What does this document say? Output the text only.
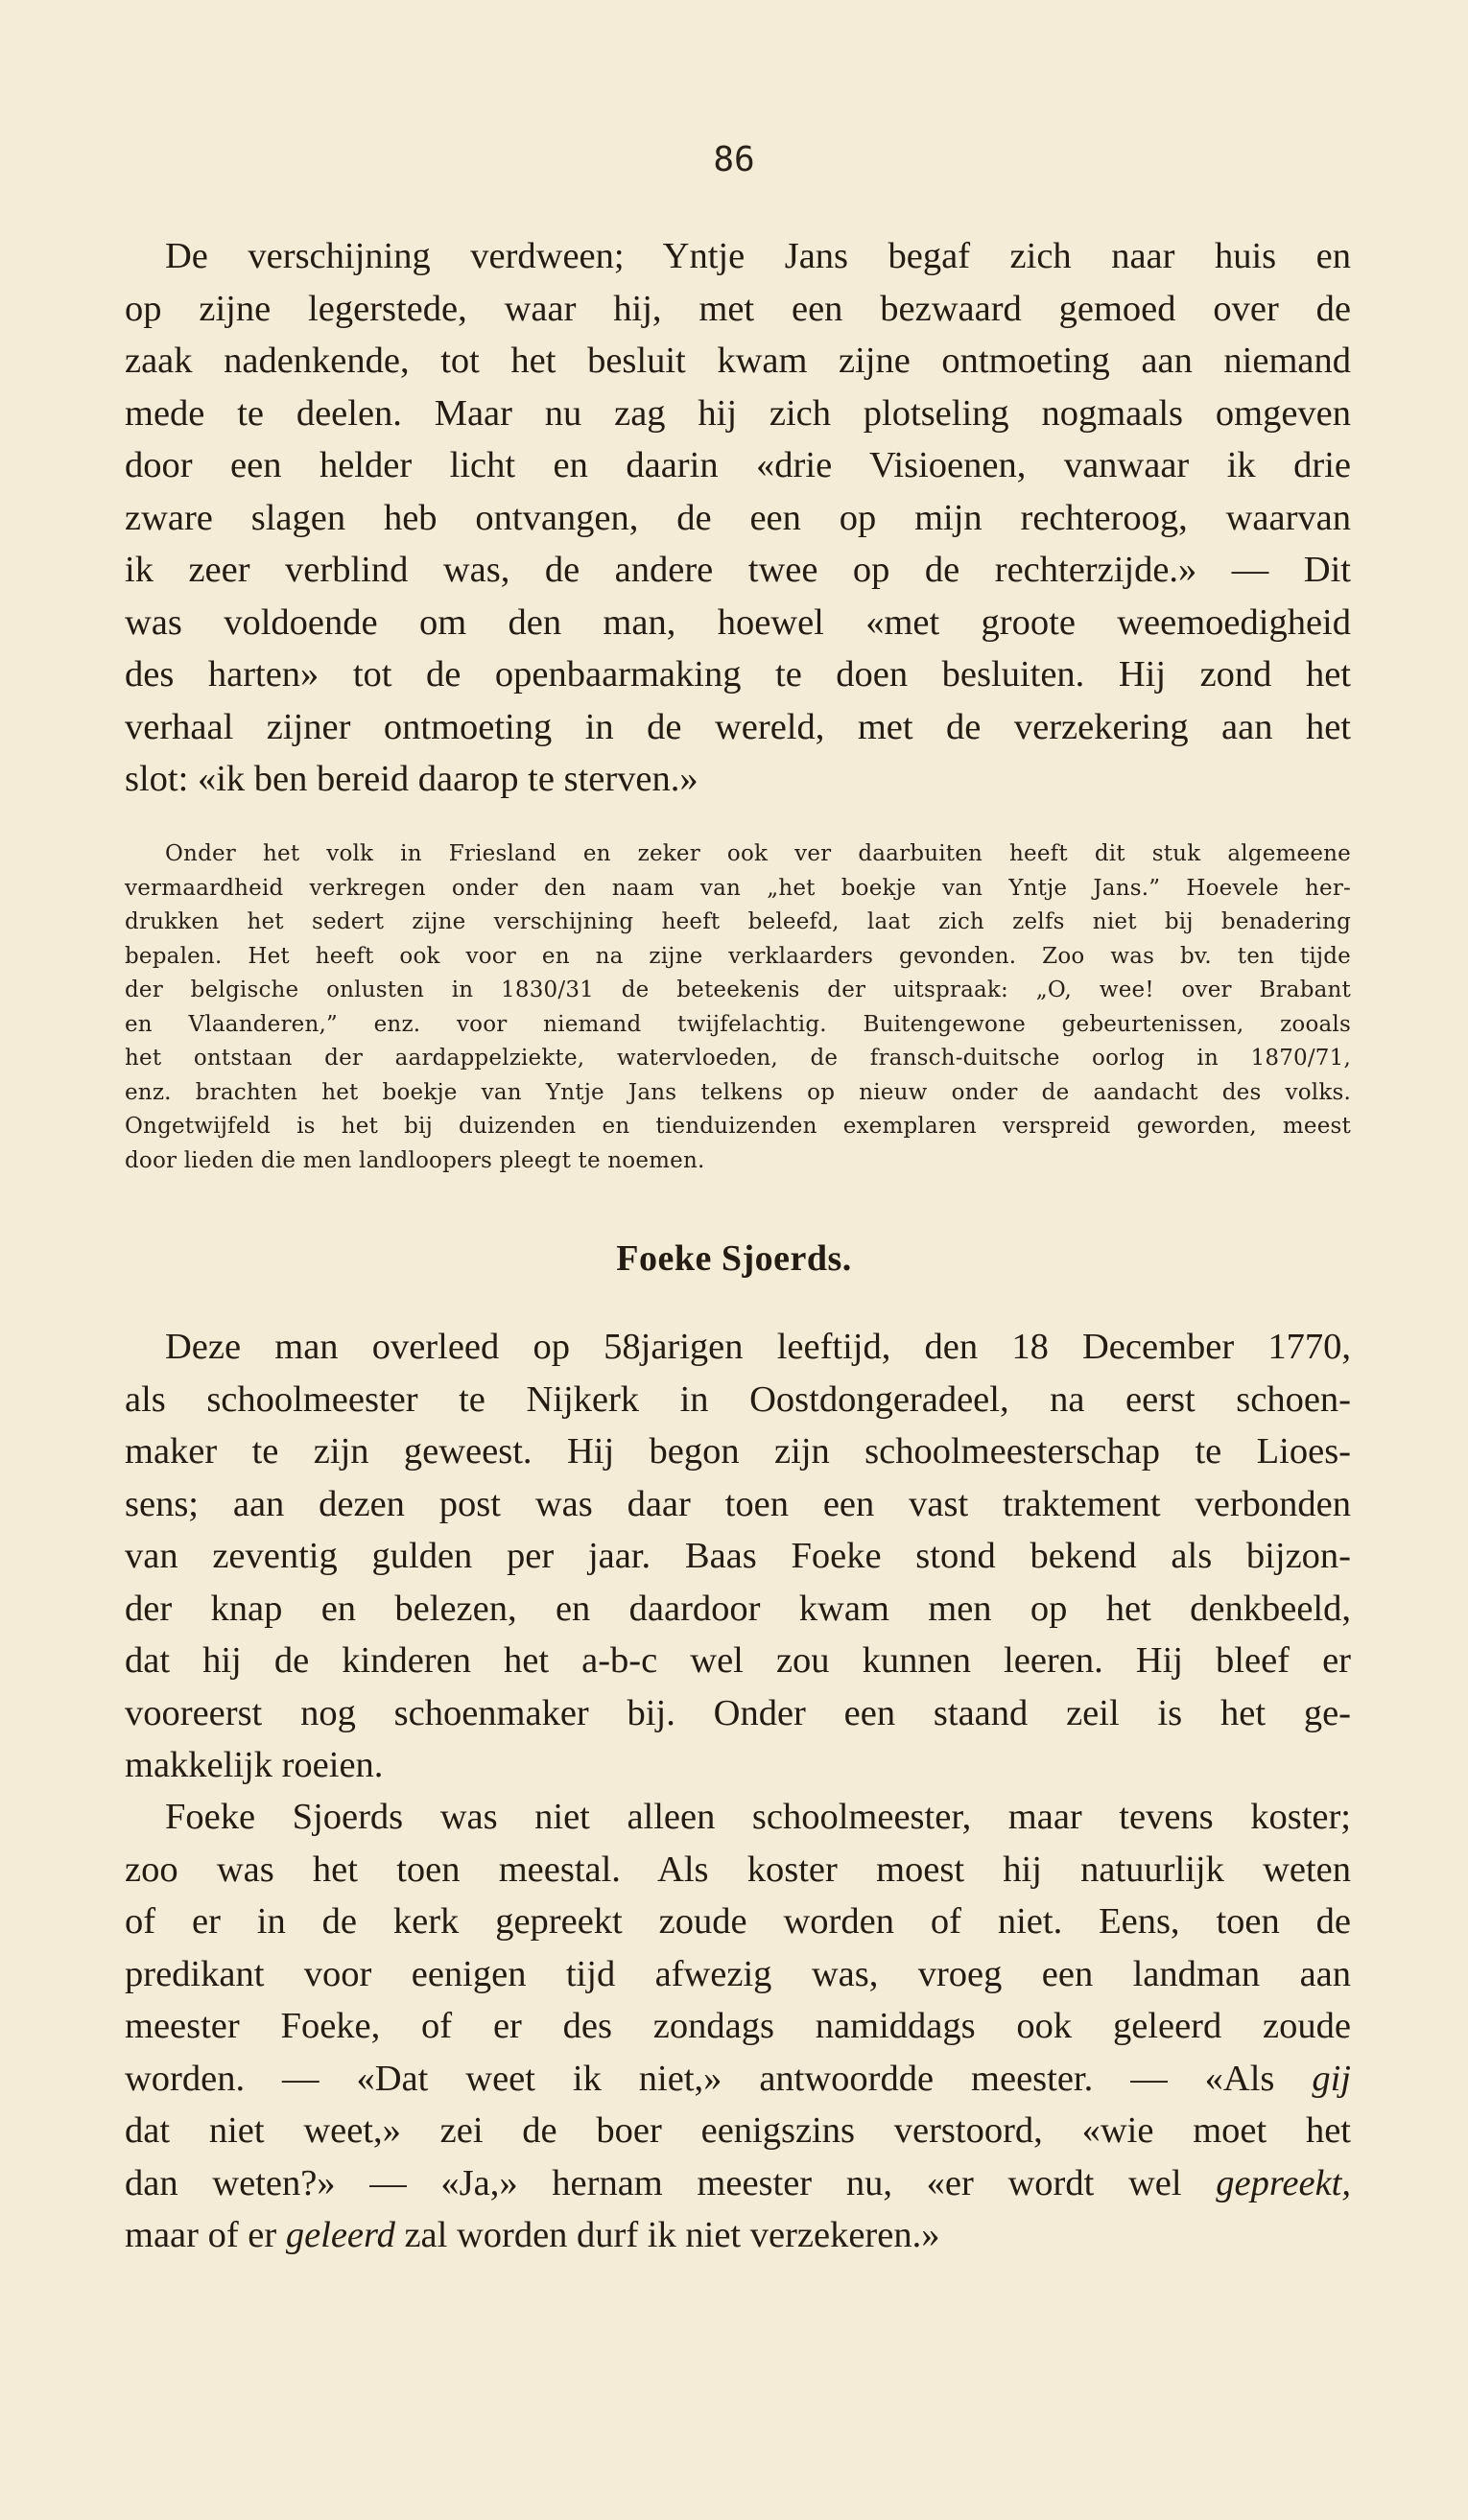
86
De verschijning verdween; Yntje Jans begaf zich naar huis en
op zijne legerstede, waar hij, met een bezwaard gemoed over de
zaak nadenkende, tot het besluit kwam zijne ontmoeting aan niemand
mede te deelen. Maar nu zag hij zich plotseling nogmaals omgeven
door een helder licht en daarin «drie Visioenen, vanwaar ik drie
zware slagen heb ontvangen, de een op mijn rechteroog, waarvan
ik zeer verblind was, de andere twee op de rechterzijde.» — Dit
was voldoende om den man, hoewel «met groote weemoedigheid
des harten» tot de openbaarmaking te doen besluiten. Hij zond het
verhaal zijner ontmoeting in de wereld, met de verzekering aan het
slot: «ik ben bereid daarop te sterven.»
Onder het volk in Friesland en zeker ook ver daarbuiten heeft dit stuk algemeene
vermaardheid verkregen onder den naam van „het boekje van Yntje Jans.” Hoevele her-
drukken het sedert zijne verschijning heeft beleefd, laat zich zelfs niet bij benadering
bepalen. Het heeft ook voor en na zijne verklaarders gevonden. Zoo was bv. ten tijde
der belgische onlusten in 1830/31 de beteekenis der uitspraak: „O, wee! over Brabant
en Vlaanderen,” enz. voor niemand twijfelachtig. Buitengewone gebeurtenissen, zooals
het ontstaan der aardappelziekte, watervloeden, de fransch-duitsche oorlog in 1870/71,
enz. brachten het boekje van Yntje Jans telkens op nieuw onder de aandacht des volks.
Ongetwijfeld is het bij duizenden en tienduizenden exemplaren verspreid geworden, meest
door lieden die men landloopers pleegt te noemen.
Foeke Sjoerds.
Deze man overleed op 58jarigen leeftijd, den 18 December 1770,
als schoolmeester te Nijkerk in Oostdongeradeel, na eerst schoen-
maker te zijn geweest. Hij begon zijn schoolmeesterschap te Lioes-
sens; aan dezen post was daar toen een vast traktement verbonden
van zeventig gulden per jaar. Baas Foeke stond bekend als bijzon-
der knap en belezen, en daardoor kwam men op het denkbeeld,
dat hij de kinderen het a-b-c wel zou kunnen leeren. Hij bleef er
vooreerst nog schoenmaker bij. Onder een staand zeil is het ge-
makkelijk roeien.
Foeke Sjoerds was niet alleen schoolmeester, maar tevens koster;
zoo was het toen meestal. Als koster moest hij natuurlijk weten
of er in de kerk gepreekt zoude worden of niet. Eens, toen de
predikant voor eenigen tijd afwezig was, vroeg een landman aan
meester Foeke, of er des zondags namiddags ook geleerd zoude
worden. — «Dat weet ik niet,» antwoordde meester. — «Als gij
dat niet weet,» zei de boer eenigszins verstoord, «wie moet het
dan weten?» — «Ja,» hernam meester nu, «er wordt wel gepreekt,
maar of er geleerd zal worden durf ik niet verzekeren.»
